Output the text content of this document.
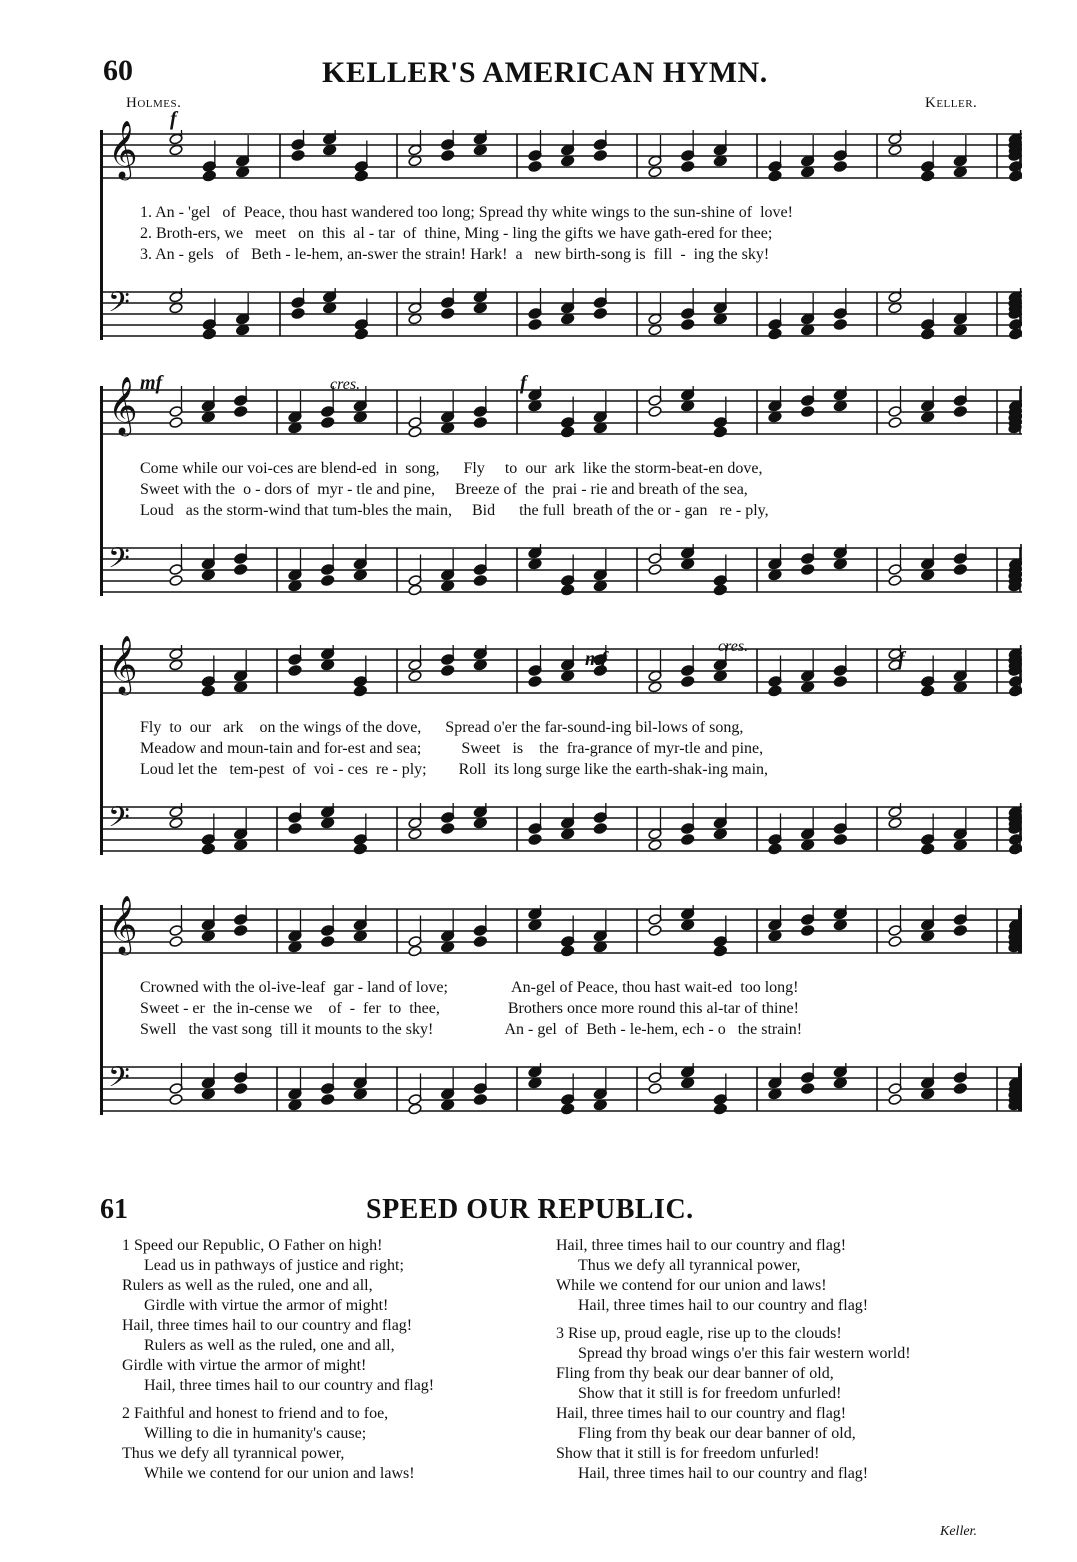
60	KELLER'S AMERICAN HYMN.
Holmes.	Keller.
𝄞
𝄢
1. An - 'gel   of  Peace, thou hast wandered too long; Spread thy white wings to the sun-shine of  love!
2. Broth-ers, we   meet   on  this  al - tar  of  thine, Ming - ling the gifts we have gath-ered for thee;
3. An - gels   of   Beth - le-hem, an-swer the strain! Hark!  a   new birth-song is  fill  -  ing the sky!
𝄞
𝄢
Come while our voi-ces are blend-ed  in  song,      Fly     to  our  ark  like the storm-beat-en dove,
Sweet with the  o - dors of  myr - tle and pine,     Breeze of  the  prai - rie and breath of the sea,
Loud   as the storm-wind that tum-bles the main,     Bid      the full  breath of the or - gan   re - ply,
𝄞
𝄢
Fly  to  our   ark    on the wings of the dove,      Spread o'er the far-sound-ing bil-lows of song,
Meadow and moun-tain and for-est and sea;          Sweet   is    the  fra-grance of myr-tle and pine,
Loud let the   tem-pest  of  voi - ces  re - ply;        Roll  its long surge like the earth-shak-ing main,
𝄞
𝄢
Crowned with the ol-ive-leaf  gar - land of love;                An-gel of Peace, thou hast wait-ed  too long!
Sweet - er  the in-cense we    of  -  fer  to  thee,                 Brothers once more round this al-tar of thine!
Swell   the vast song  till it mounts to the sky!                  An - gel  of  Beth - le-hem, ech - o   the strain!
f
mf	f
mf	f
cres.
cres.
61	SPEED OUR REPUBLIC.
1 Speed our Republic, O Father on high!
Lead us in pathways of justice and right;
Rulers as well as the ruled, one and all,
Girdle with virtue the armor of might!
Hail, three times hail to our country and flag!
Rulers as well as the ruled, one and all,
Girdle with virtue the armor of might!
Hail, three times hail to our country and flag!
2 Faithful and honest to friend and to foe,
Willing to die in humanity's cause;
Thus we defy all tyrannical power,
While we contend for our union and laws!
Hail, three times hail to our country and flag!
Thus we defy all tyrannical power,
While we contend for our union and laws!
Hail, three times hail to our country and flag!
3 Rise up, proud eagle, rise up to the clouds!
Spread thy broad wings o'er this fair western world!
Fling from thy beak our dear banner of old,
Show that it still is for freedom unfurled!
Hail, three times hail to our country and flag!
Fling from thy beak our dear banner of old,
Show that it still is for freedom unfurled!
Hail, three times hail to our country and flag!
Keller.
